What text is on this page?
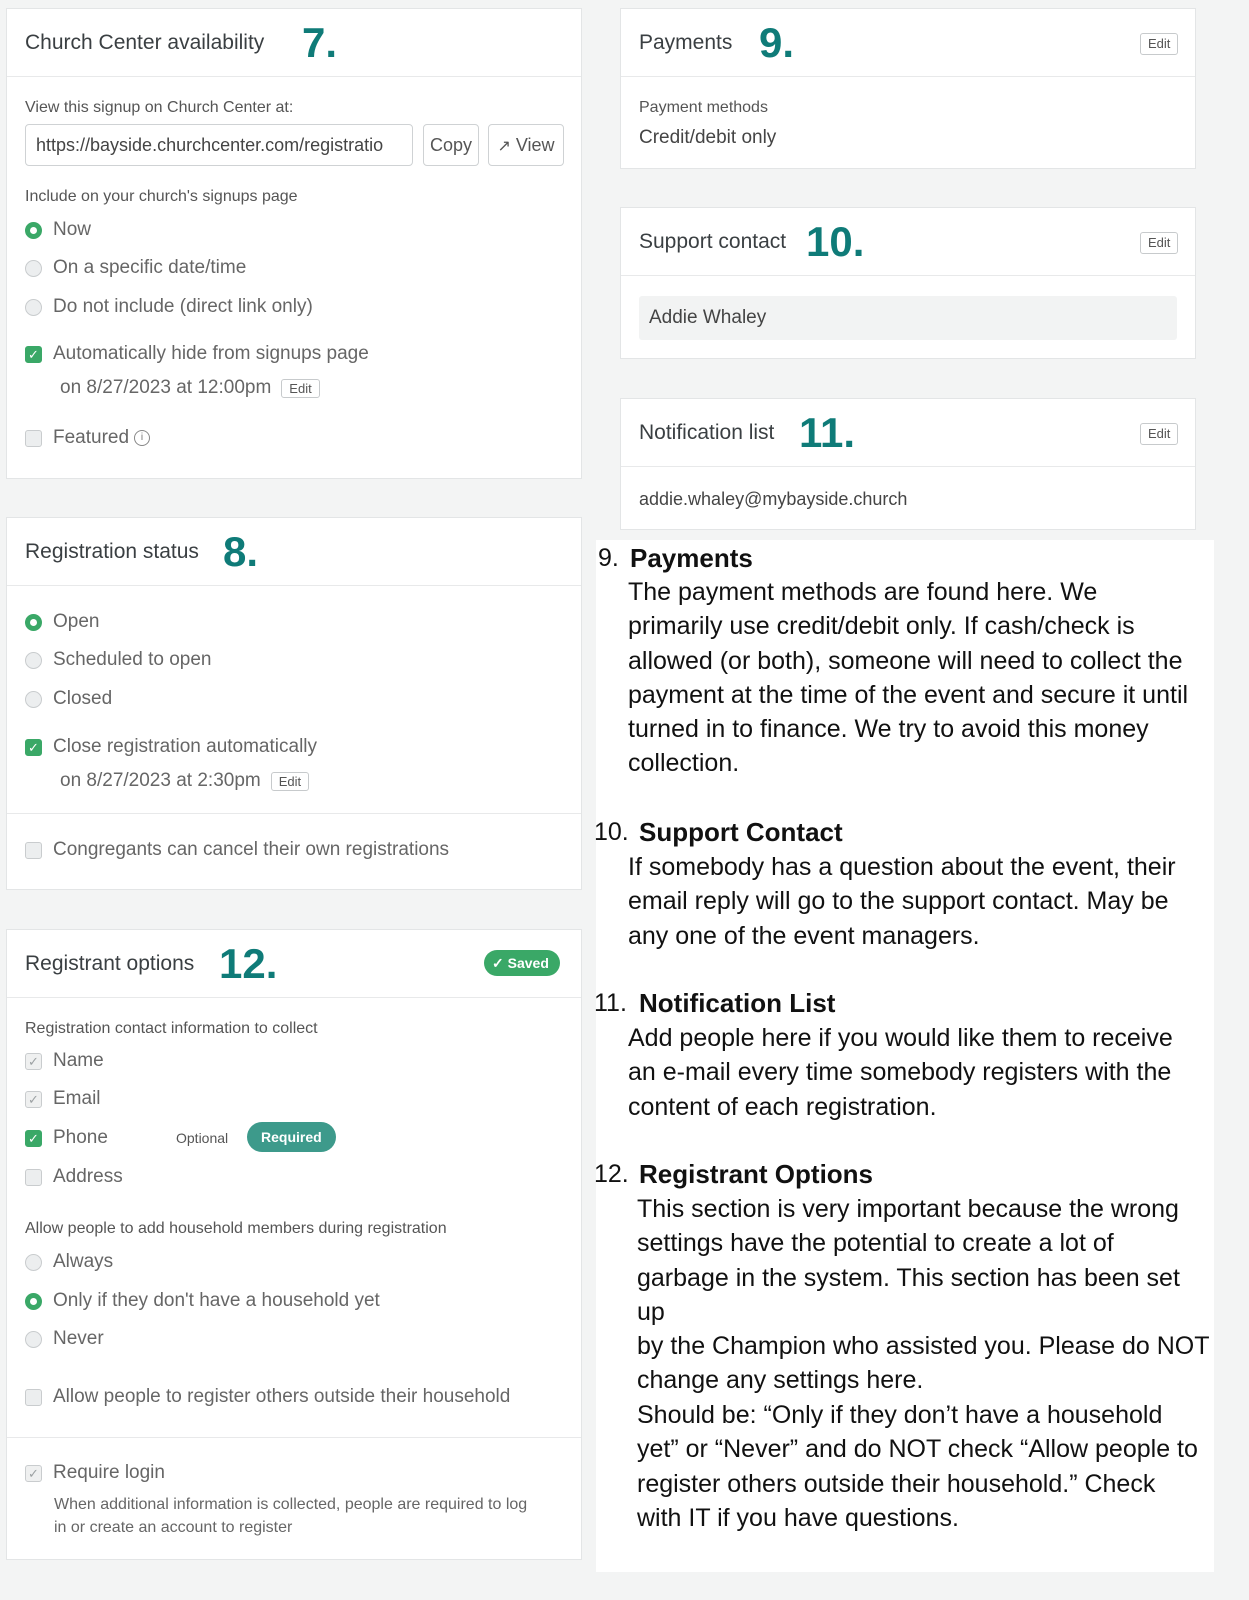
Church Center availability 7.
View this signup on Church Center at:
https://bayside.churchcenter.com/registratio	Copy	↗ View
Include on your church's signups page
Now
On a specific date/time
Do not include (direct link only)
✓ Automatically hide from signups page
on 8/27/2023 at 12:00pm	Edit
Featured	i
Registration status 8.
Open
Scheduled to open
Closed
✓ Close registration automatically
on 8/27/2023 at 2:30pm	Edit
Congregants can cancel their own registrations
Registrant options 12.	✓ Saved
Registration contact information to collect
✓ Name
✓ Email
✓ Phone	Optional	Required
Address
Allow people to add household members during registration
Always
Only if they don't have a household yet
Never
Allow people to register others outside their household
✓ Require login
When additional information is collected, people are required to log
in or create an account to register
Payments 9.	Edit
Payment methods
Credit/debit only
Support contact 10.	Edit
Addie Whaley
Notification list 11.	Edit
addie.whaley@mybayside.church
9. Payments
The payment methods are found here. We
primarily use credit/debit only. If cash/check is
allowed (or both), someone will need to collect the
payment at the time of the event and secure it until
turned in to finance. We try to avoid this money
collection.
10. Support Contact
If somebody has a question about the event, their
email reply will go to the support contact. May be
any one of the event managers.
11. Notification List
Add people here if you would like them to receive
an e-mail every time somebody registers with the
content of each registration.
12. Registrant Options
This section is very important because the wrong
settings have the potential to create a lot of
garbage in the system. This section has been set up
by the Champion who assisted you. Please do NOT
change any settings here.
Should be: “Only if they don’t have a household
yet” or “Never” and do NOT check “Allow people to
register others outside their household.” Check
with IT if you have questions.
